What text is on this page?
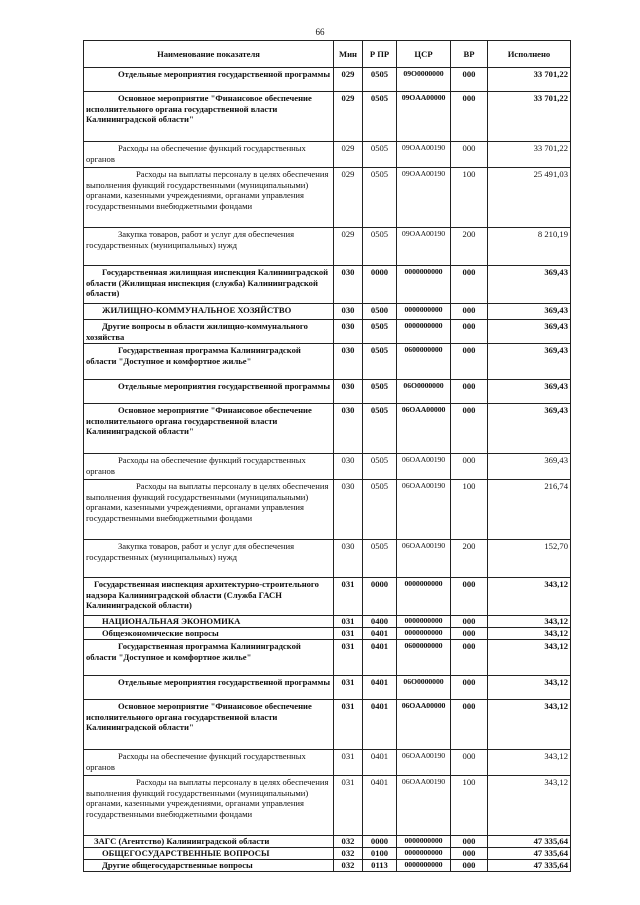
66
Наименование показателя	Мин	Р ПР	ЦСР	ВР	Исполнено
Отдельные мероприятия государственной программы	029	0505	09O0000000	000	33 701,22
Основное мероприятие "Финансовое обеспечение исполнительного органа государственной власти Калининградской области"	029	0505	09OАА00000	000	33 701,22
Расходы на обеспечение функций государственных органов	029	0505	09OАА00190	000	33 701,22
Расходы на выплаты персоналу в целях обеспечения выполнения функций государственными (муниципальными) органами, казенными учреждениями, органами управления государственными внебюджетными фондами	029	0505	09OАА00190	100	25 491,03
Закупка товаров, работ и услуг для обеспечения государственных (муниципальных) нужд	029	0505	09OАА00190	200	8 210,19
Государственная жилищная инспекция Калининградской области (Жилищная инспекция (служба) Калининградской области)	030	0000	0000000000	000	369,43
ЖИЛИЩНО-КОММУНАЛЬНОЕ ХОЗЯЙСТВО	030	0500	0000000000	000	369,43
Другие вопросы в области жилищно-коммунального хозяйства	030	0505	0000000000	000	369,43
Государственная программа Калининградской области "Доступное и комфортное жилье"	030	0505	0600000000	000	369,43
Отдельные мероприятия государственной программы	030	0505	06O0000000	000	369,43
Основное мероприятие "Финансовое обеспечение исполнительного органа государственной власти Калининградской области"	030	0505	06OАА00000	000	369,43
Расходы на обеспечение функций государственных органов	030	0505	06OАА00190	000	369,43
Расходы на выплаты персоналу в целях обеспечения выполнения функций государственными (муниципальными) органами, казенными учреждениями, органами управления государственными внебюджетными фондами	030	0505	06OАА00190	100	216,74
Закупка товаров, работ и услуг для обеспечения государственных (муниципальных) нужд	030	0505	06OАА00190	200	152,70
Государственная инспекция архитектурно-строительного надзора Калининградской области (Служба ГАСН Калининградской области)	031	0000	0000000000	000	343,12
НАЦИОНАЛЬНАЯ ЭКОНОМИКА	031	0400	0000000000	000	343,12
Общеэкономические вопросы	031	0401	0000000000	000	343,12
Государственная программа Калининградской области "Доступное и комфортное жилье"	031	0401	0600000000	000	343,12
Отдельные мероприятия государственной программы	031	0401	06O0000000	000	343,12
Основное мероприятие "Финансовое обеспечение исполнительного органа государственной власти Калининградской области"	031	0401	06OАА00000	000	343,12
Расходы на обеспечение функций государственных органов	031	0401	06OАА00190	000	343,12
Расходы на выплаты персоналу в целях обеспечения выполнения функций государственными (муниципальными) органами, казенными учреждениями, органами управления государственными внебюджетными фондами	031	0401	06OАА00190	100	343,12
ЗАГС (Агентство) Калининградской области	032	0000	0000000000	000	47 335,64
ОБЩЕГОСУДАРСТВЕННЫЕ ВОПРОСЫ	032	0100	0000000000	000	47 335,64
Другие общегосударственные вопросы	032	0113	0000000000	000	47 335,64
